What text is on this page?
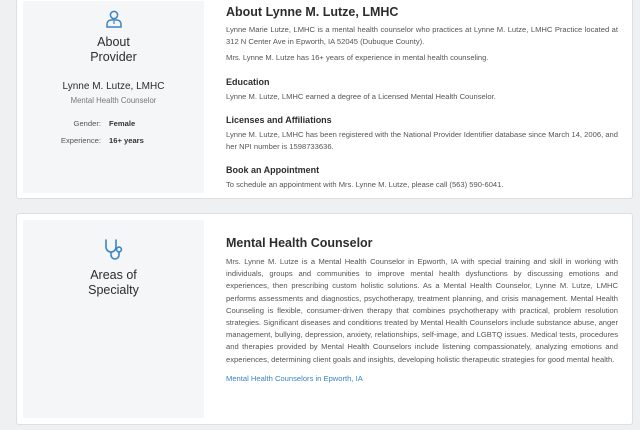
About
Provider
Lynne M. Lutze, LMHC
Mental Health Counselor
Gender:	Female
Experience:	16+ years
About Lynne M. Lutze, LMHC
Lynne Marie Lutze, LMHC is a mental health counselor who practices at Lynne M. Lutze, LMHC Practice located at 312 N Center Ave in Epworth, IA 52045 (Dubuque County).
Mrs. Lynne M. Lutze has 16+ years of experience in mental health counseling.
Education
Lynne M. Lutze, LMHC earned a degree of a Licensed Mental Health Counselor.
Licenses and Affiliations
Lynne M. Lutze, LMHC has been registered with the National Provider Identifier database since March 14, 2006, and her NPI number is 1598733636.
Book an Appointment
To schedule an appointment with Mrs. Lynne M. Lutze, please call (563) 590-6041.
Areas of
Specialty
Mental Health Counselor
Mrs. Lynne M. Lutze is a Mental Health Counselor in Epworth, IA with special training and skill in working with individuals, groups and communities to improve mental health dysfunctions by discussing emotions and experiences, then prescribing custom holistic solutions. As a Mental Health Counselor, Lynne M. Lutze, LMHC performs assessments and diagnostics, psychotherapy, treatment planning, and crisis management. Mental Health Counseling is flexible, consumer-driven therapy that combines psychotherapy with practical, problem resolution strategies. Significant diseases and conditions treated by Mental Health Counselors include substance abuse, anger management, bullying, depression, anxiety, relationships, self-image, and LGBTQ issues. Medical tests, procedures and therapies provided by Mental Health Counselors include listening compassionately, analyzing emotions and experiences, determining client goals and insights, developing holistic therapeutic strategies for good mental health.
Mental Health Counselors in Epworth, IA
